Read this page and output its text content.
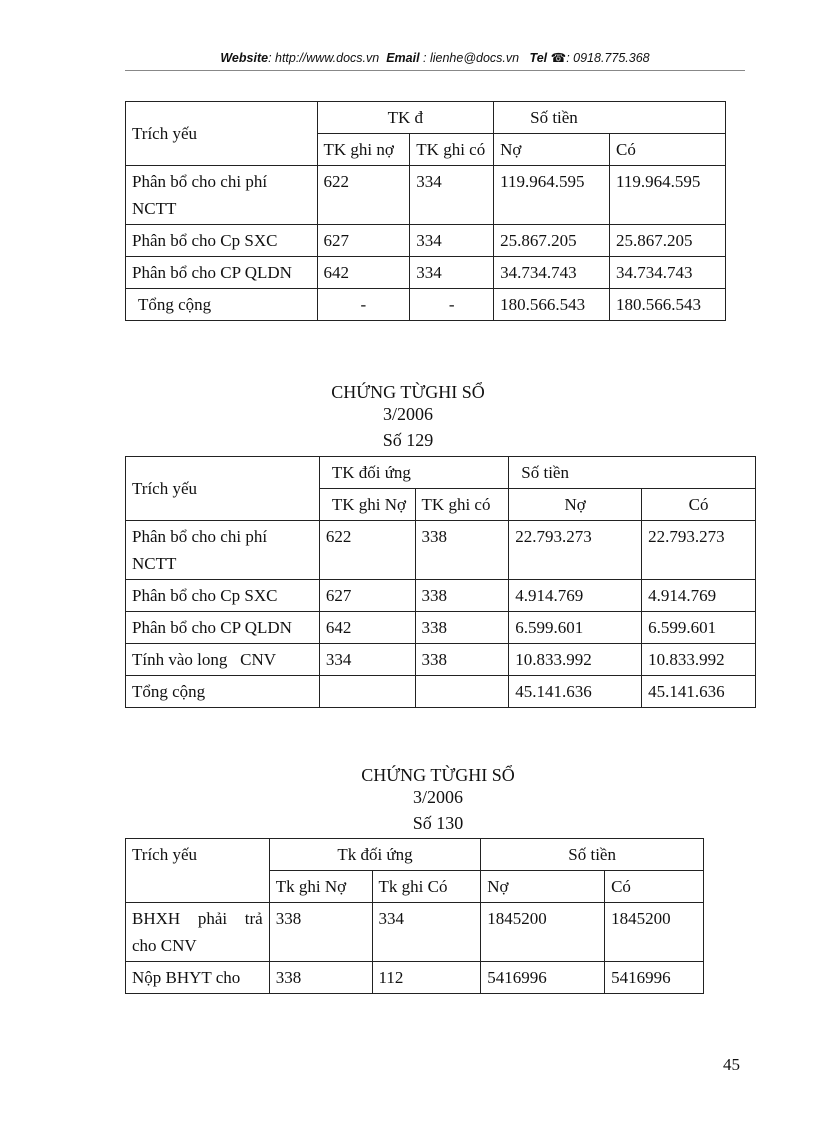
Website: http://www.docs.vn Email : lienhe@docs.vn Tel ☎: 0918.775.368
Trích yếu	TK đ		Số tiền	
	TK ghi nợ	TK ghi có	Nợ	Có
Phân bổ cho chi phí NCTT	622	334	119.964.595	119.964.595
Phân bổ cho Cp SXC	627	334	25.867.205	25.867.205
Phân bổ cho CP QLDN	642	334	34.734.743	34.734.743
Tổng cộng	-	-	180.566.543	180.566.543
CHỨNG TỪGHI SỔ
3/2006
Số 129
Trích yếu	TK đối ứng		Số tiền	
	TK ghi Nợ	TK ghi có	Nợ	Có
Phân bổ cho chi phí NCTT	622	338	22.793.273	22.793.273
Phân bổ cho Cp SXC	627	338	4.914.769	4.914.769
Phân bổ cho CP QLDN	642	338	6.599.601	6.599.601
Tính vào long   CNV	334	338	10.833.992	10.833.992
Tổng cộng			45.141.636	45.141.636
CHỨNG TỪGHI SỔ
3/2006
Số 130
Trích yếu	Tk đối ứng		Số tiền	
	Tk ghi Nợ	Tk ghi Có	Nợ	Có
BHXH phải trả cho CNV	338	334	1845200	1845200
Nộp BHYT cho	338	112	5416996	5416996
45
